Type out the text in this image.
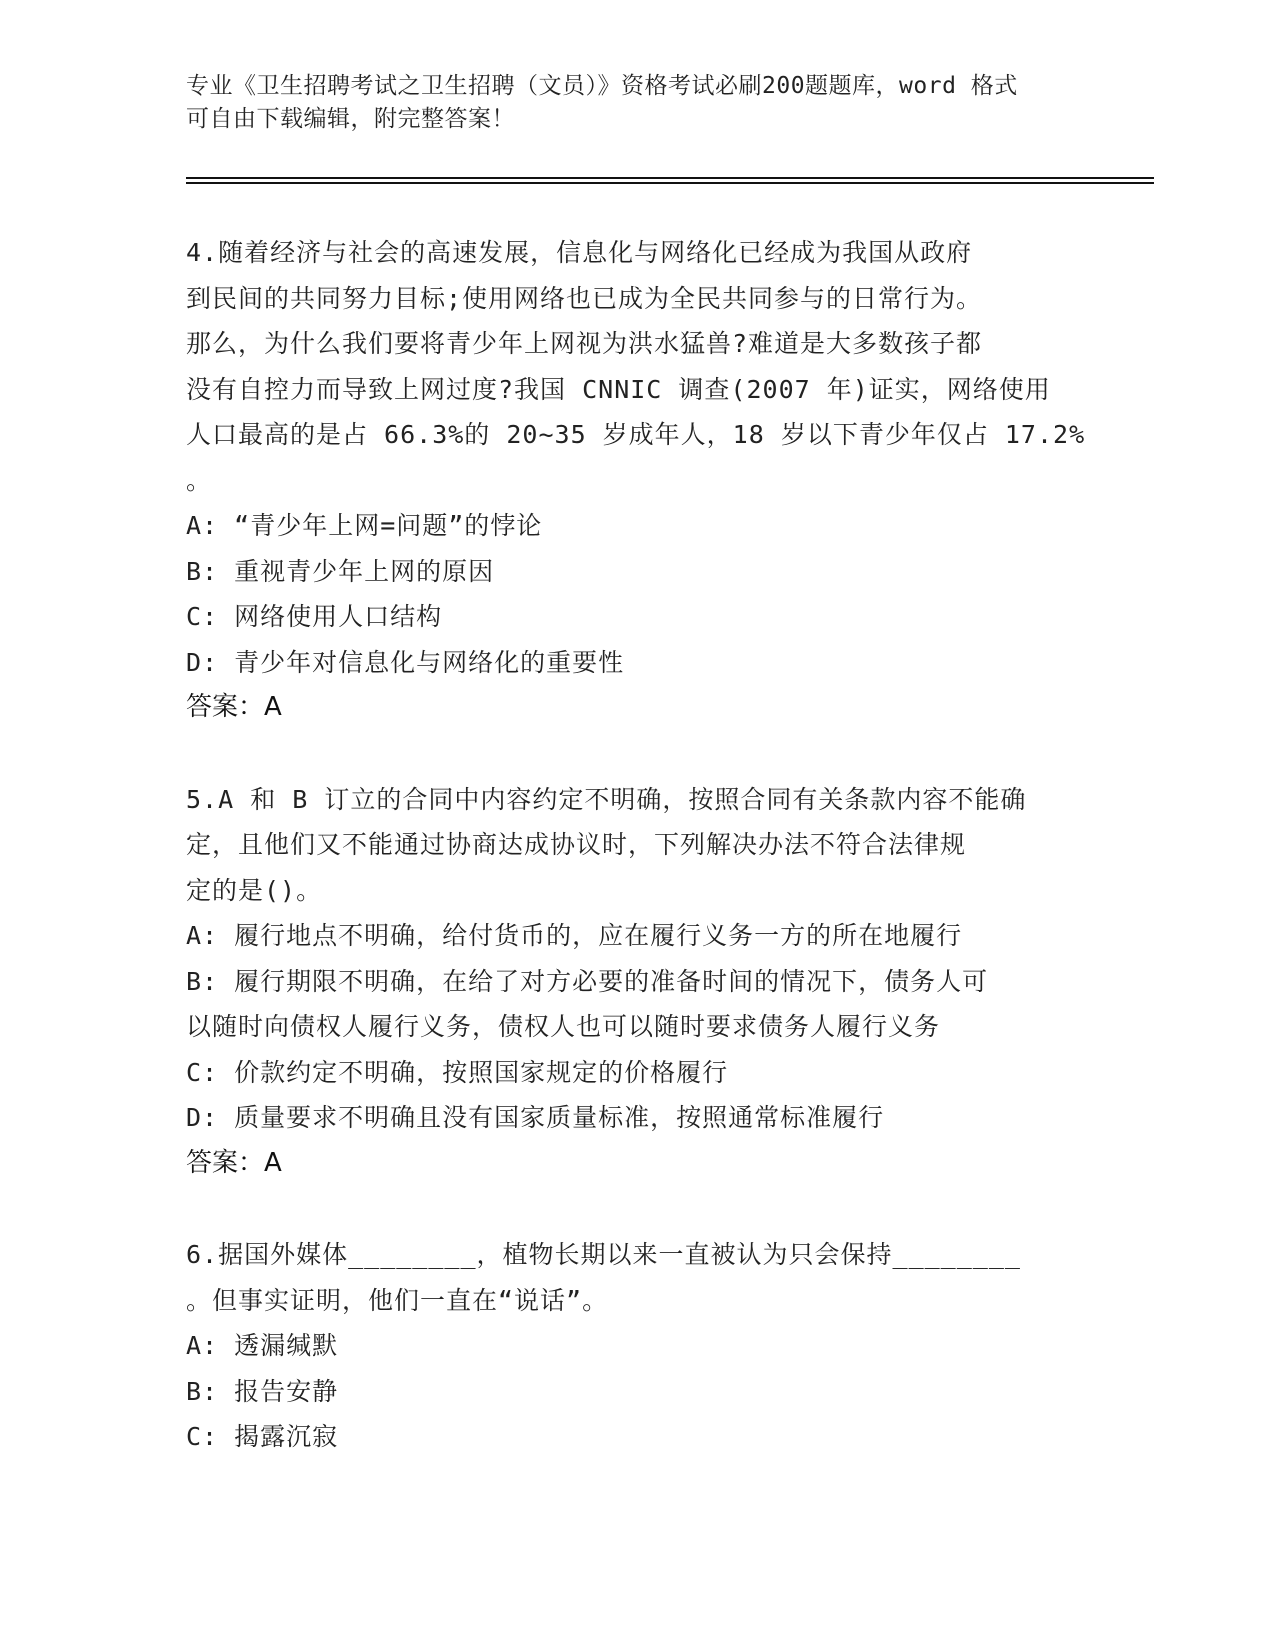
专业《卫生招聘考试之卫生招聘（文员）》资格考试必刷200题题库，word 格式
可自由下载编辑，附完整答案！
4.随着经济与社会的高速发展，信息化与网络化已经成为我国从政府
到民间的共同努力目标;使用网络也已成为全民共同参与的日常行为。
那么，为什么我们要将青少年上网视为洪水猛兽?难道是大多数孩子都
没有自控力而导致上网过度?我国 CNNIC 调查(2007 年)证实，网络使用
人口最高的是占 66.3%的 20~35 岁成年人，18 岁以下青少年仅占 17.2%
。
A: “青少年上网=问题”的悖论
B: 重视青少年上网的原因
C: 网络使用人口结构
D: 青少年对信息化与网络化的重要性
答案：A
5.A 和 B 订立的合同中内容约定不明确，按照合同有关条款内容不能确
定，且他们又不能通过协商达成协议时，下列解决办法不符合法律规
定的是()。
A: 履行地点不明确，给付货币的，应在履行义务一方的所在地履行
B: 履行期限不明确，在给了对方必要的准备时间的情况下，债务人可
以随时向债权人履行义务，债权人也可以随时要求债务人履行义务
C: 价款约定不明确，按照国家规定的价格履行
D: 质量要求不明确且没有国家质量标准，按照通常标准履行
答案：A
6.据国外媒体________，植物长期以来一直被认为只会保持________
。但事实证明，他们一直在“说话”。
A: 透漏缄默
B: 报告安静
C: 揭露沉寂
